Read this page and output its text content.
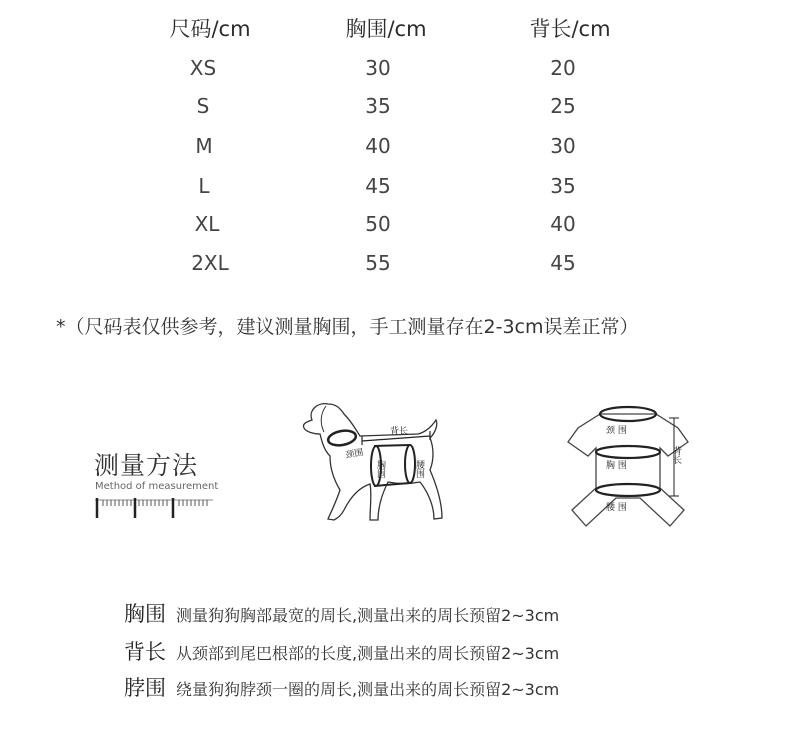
尺码/cm	胸围/cm	背长/cm
XS	30	20
S	35	25
M	40	30
L	45	35
XL	50	40
2XL	55	45
*（尺码表仅供参考，建议测量胸围，手工测量存在2-3cm误差正常）
测量方法
Method of measurement
背长
颈围
胸围	腰围
颈 围
胸 围
腰 围
背长
胸围 测量狗狗胸部最宽的周长,测量出来的周长预留2~3cm
背长 从颈部到尾巴根部的长度,测量出来的周长预留2~3cm
脖围 绕量狗狗脖颈一圈的周长,测量出来的周长预留2~3cm
